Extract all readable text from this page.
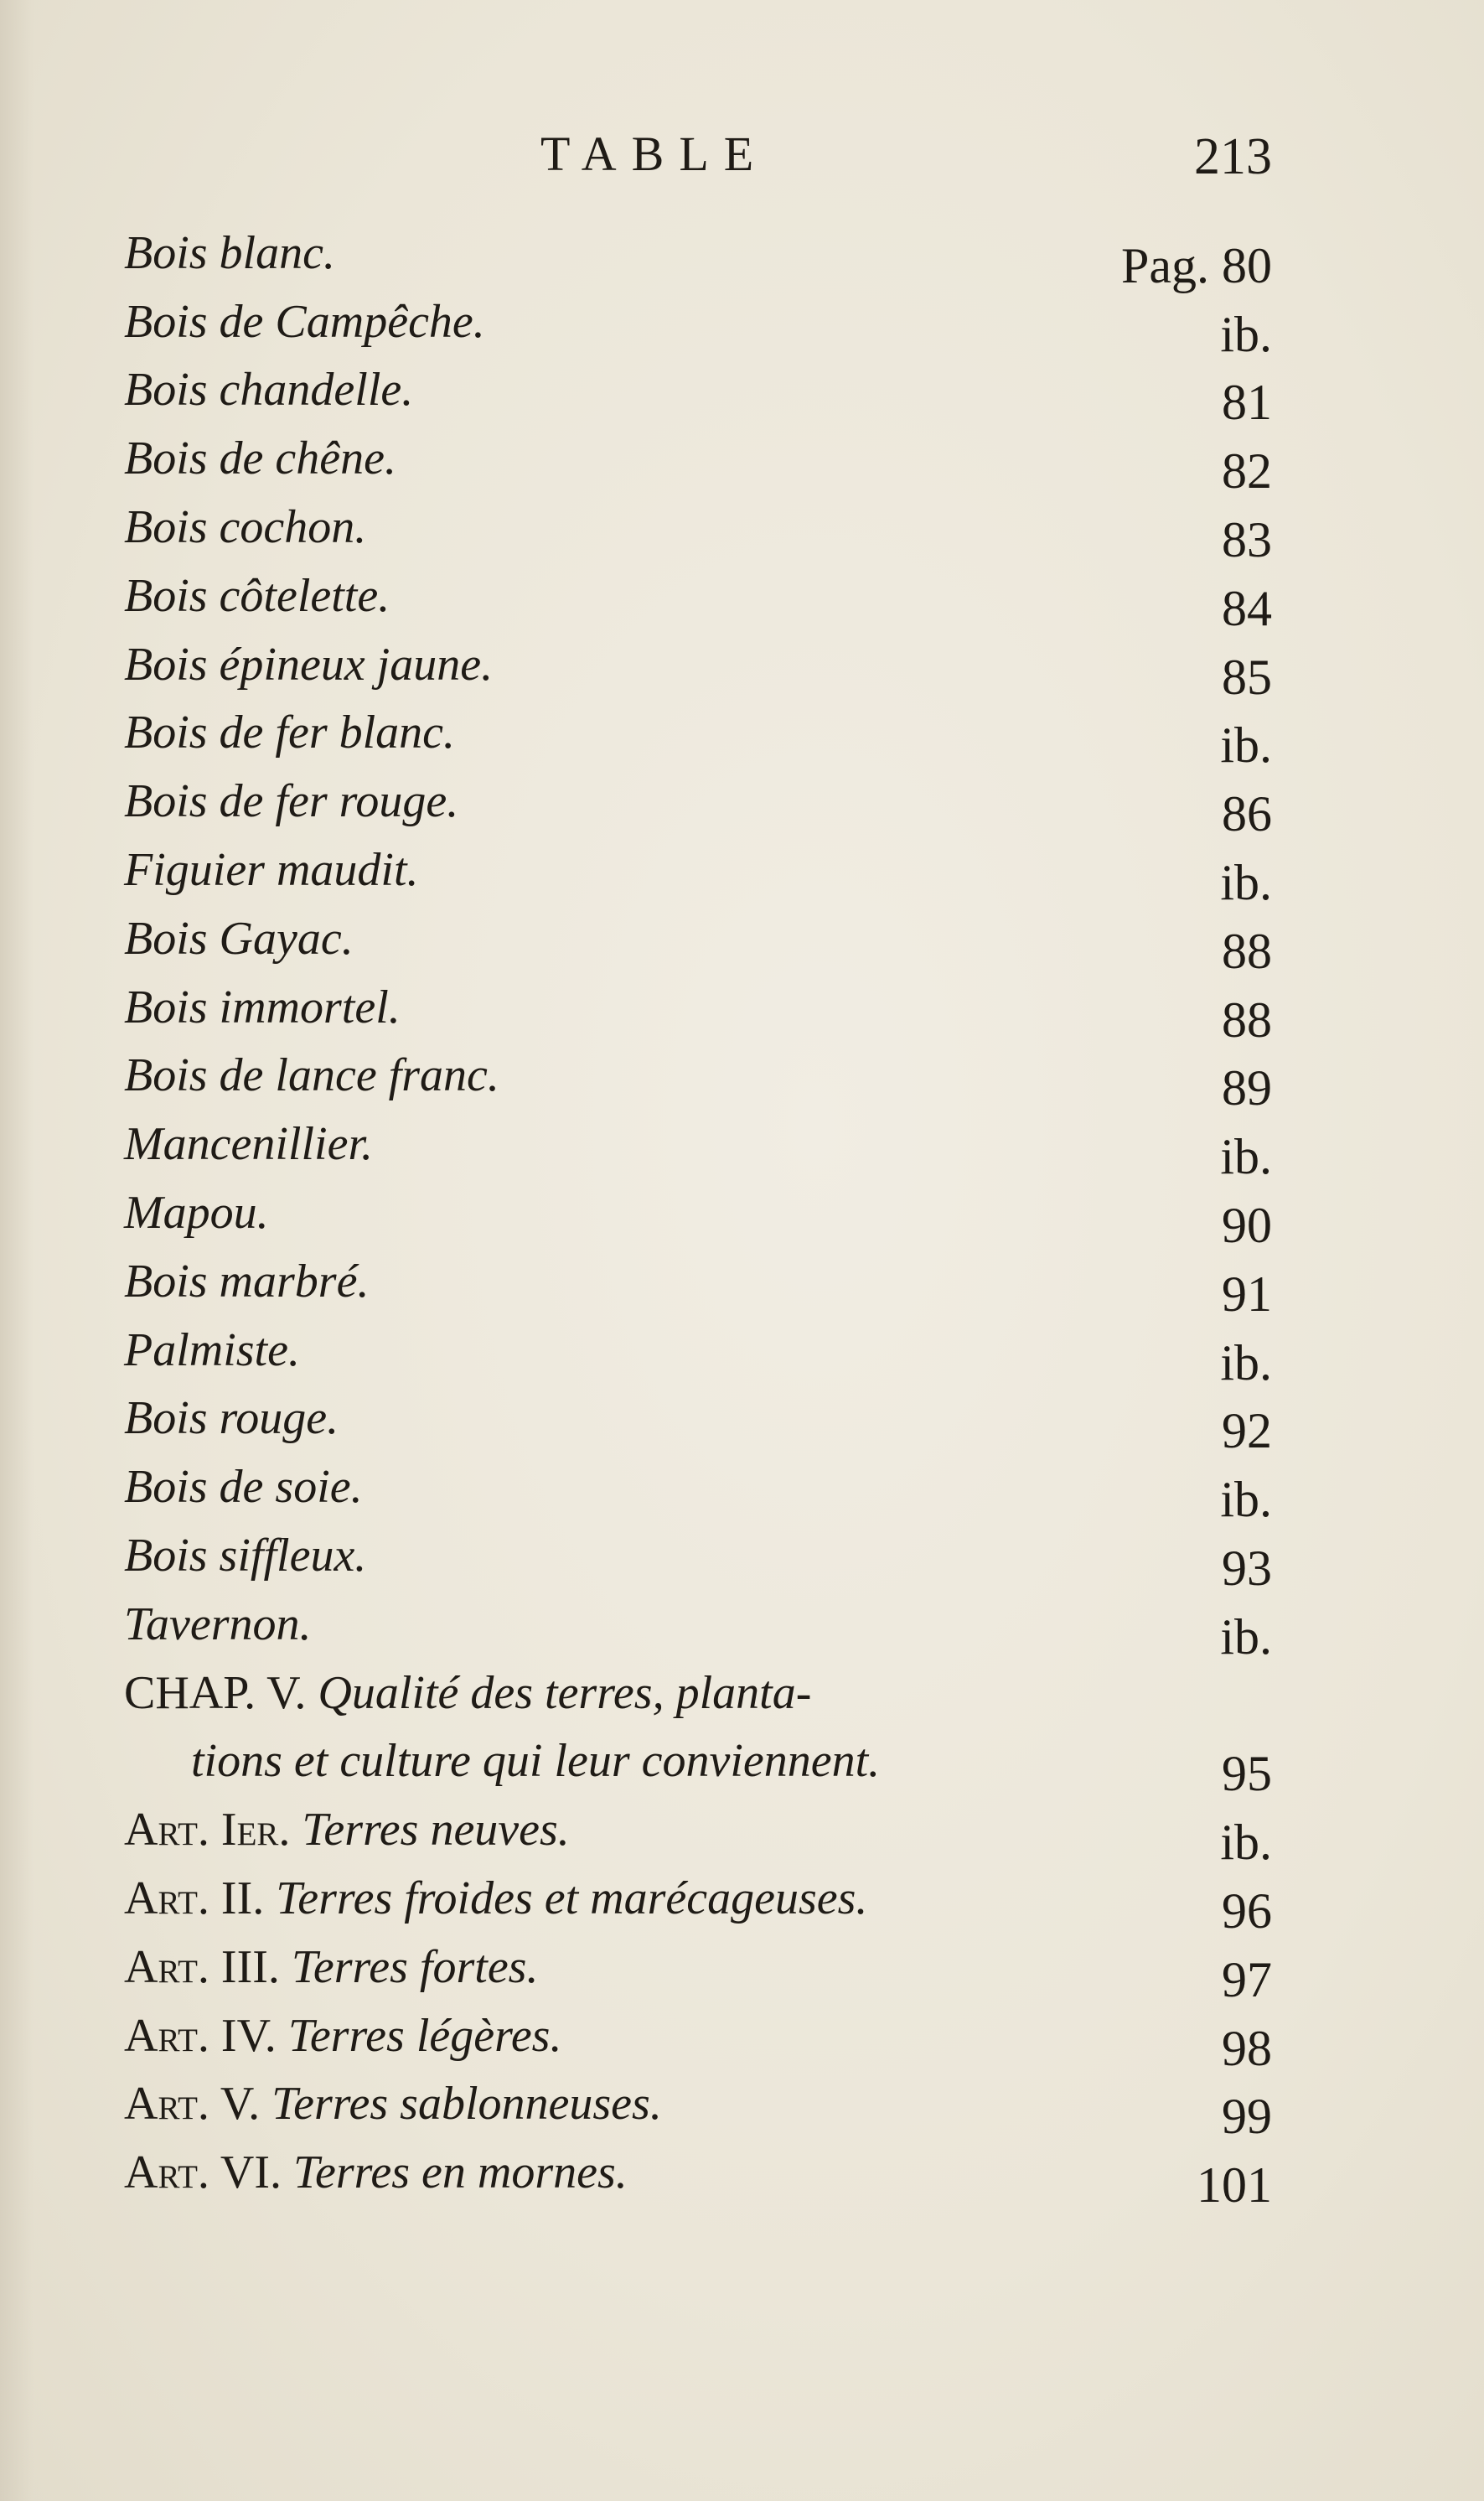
TABLE	213
Bois blanc.	Pag. 80
Bois de Campêche.	ib.
Bois chandelle.	81
Bois de chêne.	82
Bois cochon.	83
Bois côtelette.	84
Bois épineux jaune.	85
Bois de fer blanc.	ib.
Bois de fer rouge.	86
Figuier maudit.	ib.
Bois Gayac.	88
Bois immortel.	88
Bois de lance franc.	89
Mancenillier.	ib.
Mapou.	90
Bois marbré.	91
Palmiste.	ib.
Bois rouge.	92
Bois de soie.	ib.
Bois siffleux.	93
Tavernon.	ib.
CHAP. V. Qualité des terres, planta-
tions et culture qui leur conviennent.	95
Art. Ier. Terres neuves.	ib.
Art. II. Terres froides et marécageuses.	96
Art. III. Terres fortes.	97
Art. IV. Terres légères.	98
Art. V. Terres sablonneuses.	99
Art. VI. Terres en mornes.	101
